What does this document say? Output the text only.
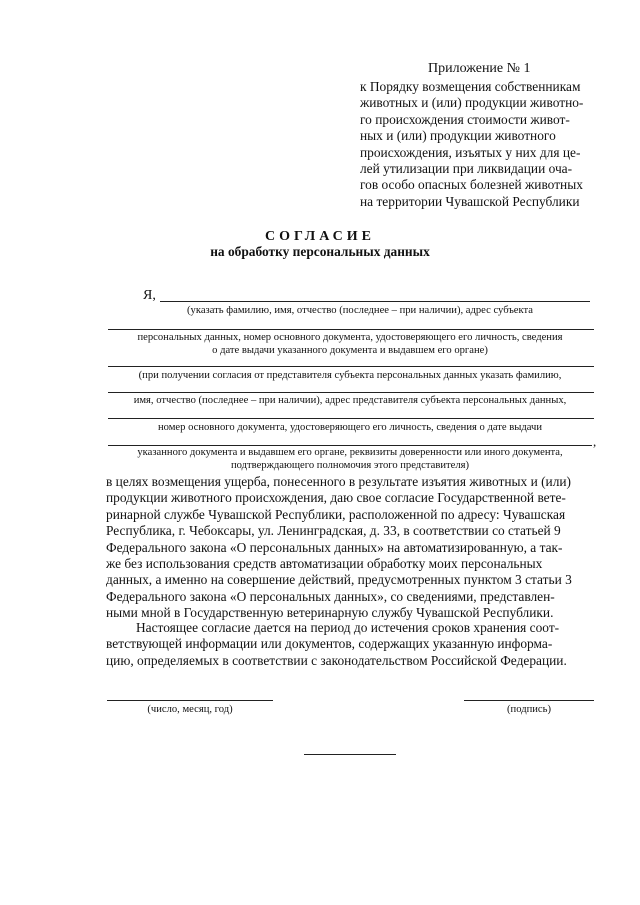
Приложение № 1
к Порядку возмещения собственникам
животных и (или) продукции животно-
го происхождения стоимости живот-
ных и (или) продукции животного
происхождения, изъятых у них для це-
лей утилизации при ликвидации оча-
гов особо опасных болезней животных
на территории Чувашской Республики
СОГЛАСИЕ
на обработку персональных данных
Я,
(указать фамилию, имя, отчество (последнее – при наличии), адрес субъекта
персональных данных, номер основного документа, удостоверяющего его личность, сведения
о дате выдачи указанного документа и выдавшем его органе)
(при получении согласия от представителя субъекта персональных данных указать фамилию,
имя, отчество (последнее – при наличии), адрес представителя субъекта персональных данных,
номер основного документа, удостоверяющего его личность, сведения о дате выдачи
,
указанного документа и выдавшем его органе, реквизиты доверенности или иного документа,
подтверждающего полномочия этого представителя)
в целях возмещения ущерба, понесенного в результате изъятия животных и (или)
продукции животного происхождения, даю свое согласие Государственной вете-
ринарной службе Чувашской Республики, расположенной по адресу: Чувашская
Республика, г. Чебоксары, ул. Ленинградская, д. 33, в соответствии со статьей 9
Федерального закона «О персональных данных» на автоматизированную, а так-
же без использования средств автоматизации обработку моих персональных
данных, а именно на совершение действий, предусмотренных пунктом 3 статьи 3
Федерального закона «О персональных данных», со сведениями, представлен-
ными мной в Государственную ветеринарную службу Чувашской Республики.
Настоящее согласие дается на период до истечения сроков хранения соот-
ветствующей информации или документов, содержащих указанную информа-
цию, определяемых в соответствии с законодательством Российской Федерации.
(число, месяц, год)	(подпись)
